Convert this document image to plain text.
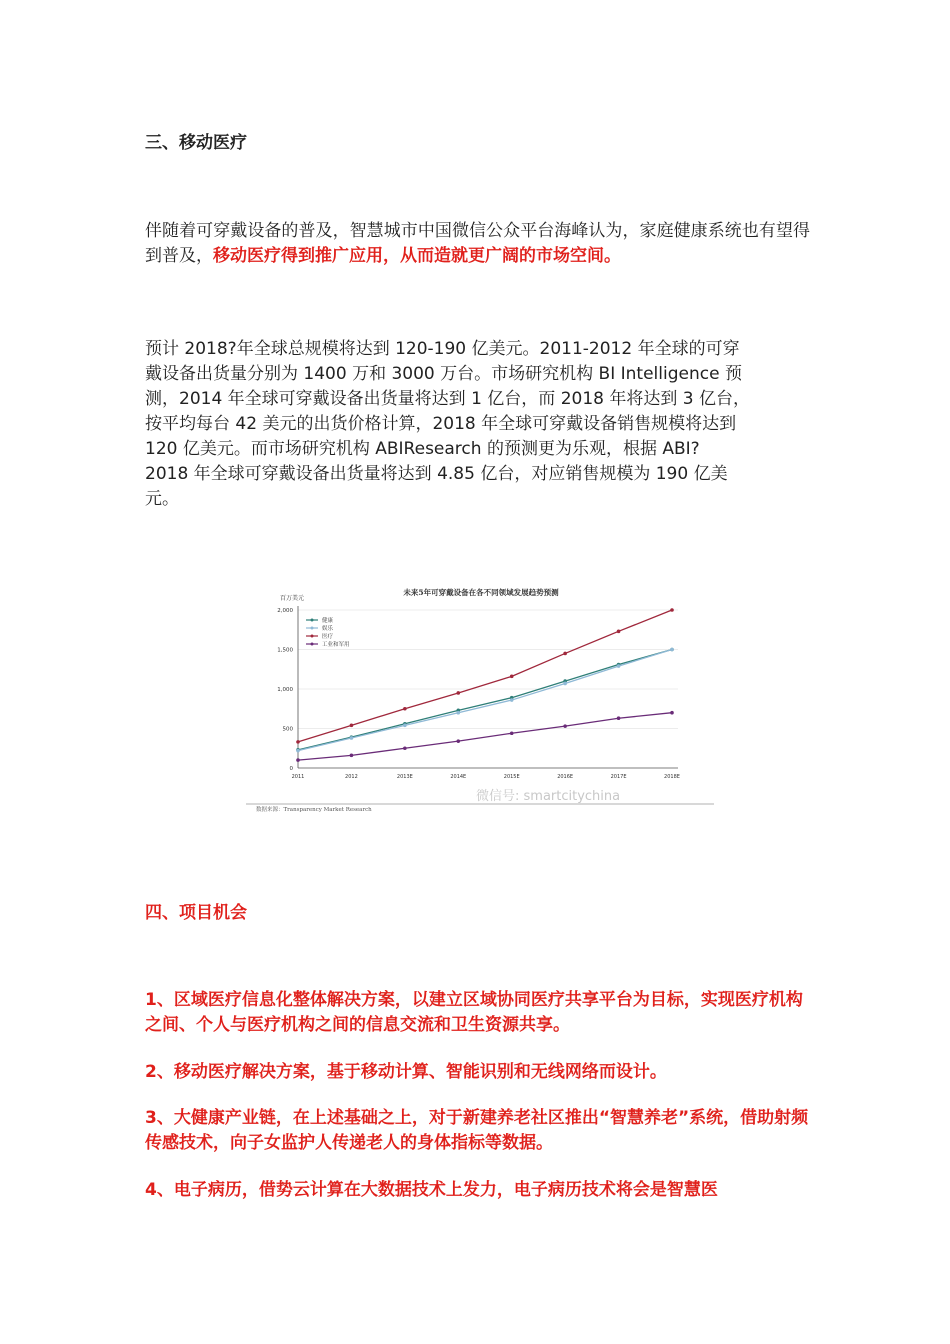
三、移动医疗

伴随着可穿戴设备的普及，智慧城市中国微信公众平台海峰认为，家庭健康系统也有望得到普及，移动医疗得到推广应用，从而造就更广阔的市场空间。

预计 2018?年全球总规模将达到 120-190 亿美元。2011-2012 年全球的可穿
戴设备出货量分别为 1400 万和 3000 万台。市场研究机构 BI Intelligence 预
测，2014 年全球可穿戴设备出货量将达到 1 亿台，而 2018 年将达到 3 亿台，
按平均每台 42 美元的出货价格计算，2018 年全球可穿戴设备销售规模将达到
120 亿美元。而市场研究机构 ABIResearch 的预测更为乐观，根据 ABI?
2018 年全球可穿戴设备出货量将达到 4.85 亿台，对应销售规模为 190 亿美
元。
未来5年可穿戴设备在各不同领域发展趋势预测
百万美元
0
500
1,000
1,500
2,000
2011	2012	2013E	2014E	2015E	2016E	2017E	2018E
健康
娱乐
医疗
工业和军用
微信号: smartcitychina
数据来源：Transparency Market Research
四、项目机会

1、区域医疗信息化整体解决方案，以建立区域协同医疗共享平台为目标，实现医疗机构之间、个人与医疗机构之间的信息交流和卫生资源共享。

2、移动医疗解决方案，基于移动计算、智能识别和无线网络而设计。

3、大健康产业链，在上述基础之上，对于新建养老社区推出“智慧养老”系统，借助射频传感技术，向子女监护人传递老人的身体指标等数据。

4、电子病历，借势云计算在大数据技术上发力，电子病历技术将会是智慧医
